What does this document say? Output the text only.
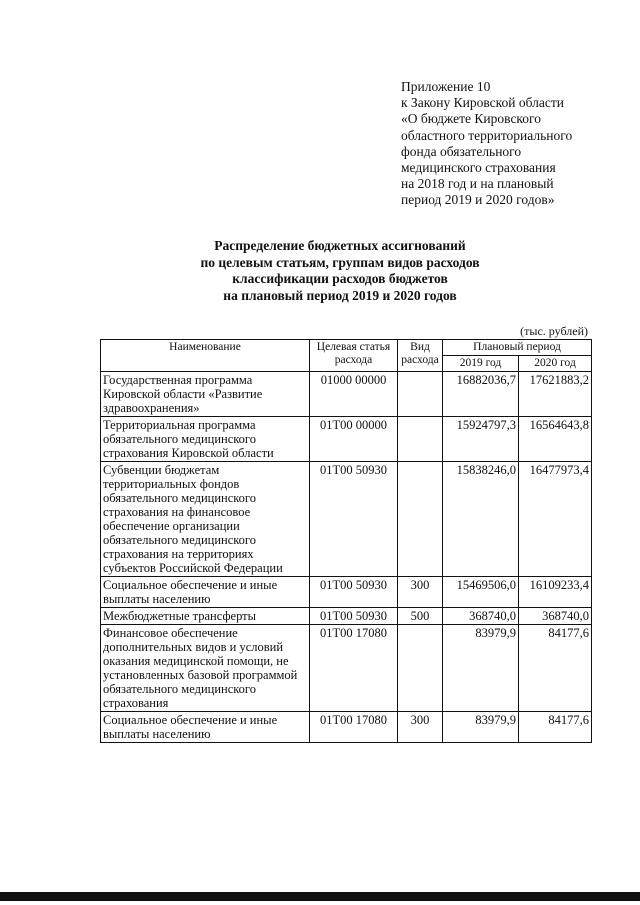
Приложение 10
к Закону Кировской области
«О бюджете Кировского
областного территориального
фонда обязательного
медицинского страхования
на 2018 год и на плановый
период 2019 и 2020 годов»
Распределение бюджетных ассигнований
по целевым статьям, группам видов расходов
классификации расходов бюджетов
на плановый период 2019 и 2020 годов
(тыс. рублей)
Наименование	Целевая статья расхода	Вид расхода	Плановый период	
			2019 год	2020 год
Государственная программа Кировской области «Развитие здравоохранения»	01000 00000		16882036,7	17621883,2
Территориальная программа обязательного медицинского страхования Кировской области	01Т00 00000		15924797,3	16564643,8
Субвенции бюджетам территориальных фондов обязательного медицинского страхования на финансовое обеспечение организации обязательного медицинского страхования на территориях субъектов Российской Федерации	01Т00 50930		15838246,0	16477973,4
Социальное обеспечение и иные выплаты населению	01Т00 50930	300	15469506,0	16109233,4
Межбюджетные трансферты	01Т00 50930	500	368740,0	368740,0
Финансовое обеспечение дополнительных видов и условий оказания медицинской помощи, не установленных базовой программой обязательного медицинского страхования	01Т00 17080		83979,9	84177,6
Социальное обеспечение и иные выплаты населению	01Т00 17080	300	83979,9	84177,6
